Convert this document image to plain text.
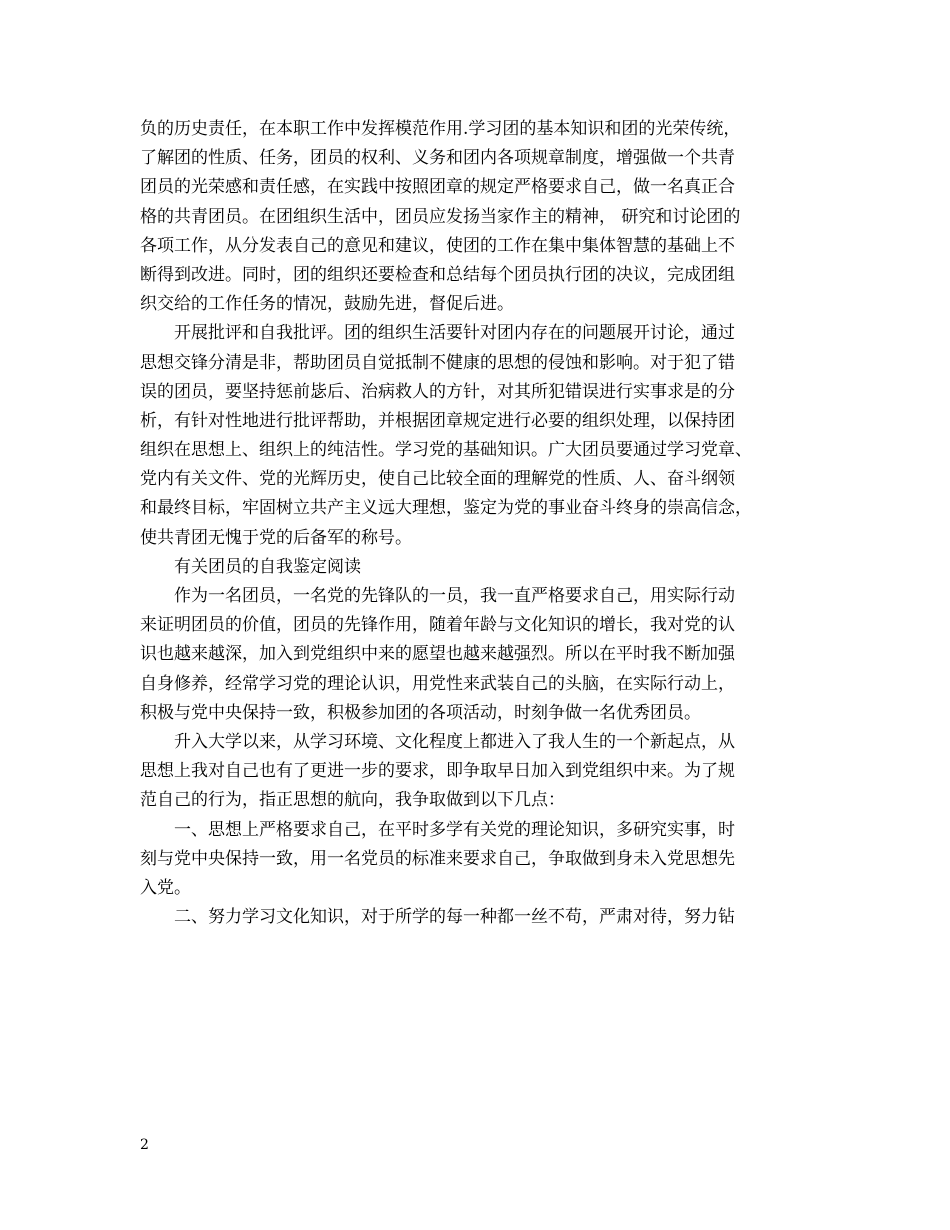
负的历史责任，在本职工作中发挥模范作用.学习团的基本知识和团的光荣传统，
了解团的性质、任务，团员的权利、义务和团内各项规章制度，增强做一个共青
团员的光荣感和责任感，在实践中按照团章的规定严格要求自己，做一名真正合
格的共青团员。在团组织生活中，团员应发扬当家作主的精神， 研究和讨论团的
各项工作，从分发表自己的意见和建议，使团的工作在集中集体智慧的基础上不
断得到改进。同时，团的组织还要检查和总结每个团员执行团的决议，完成团组
织交给的工作任务的情况，鼓励先进，督促后进。
开展批评和自我批评。团的组织生活要针对团内存在的问题展开讨论，通过
思想交锋分清是非，帮助团员自觉抵制不健康的思想的侵蚀和影响。对于犯了错
误的团员，要坚持惩前毖后、治病救人的方针，对其所犯错误进行实事求是的分
析，有针对性地进行批评帮助，并根据团章规定进行必要的组织处理，以保持团
组织在思想上、组织上的纯洁性。学习党的基础知识。广大团员要通过学习党章、
党内有关文件、党的光辉历史，使自己比较全面的理解党的性质、人、奋斗纲领
和最终目标，牢固树立共产主义远大理想，鉴定为党的事业奋斗终身的崇高信念，
使共青团无愧于党的后备军的称号。
有关团员的自我鉴定阅读
作为一名团员，一名党的先锋队的一员，我一直严格要求自己，用实际行动
来证明团员的价值，团员的先锋作用，随着年龄与文化知识的增长，我对党的认
识也越来越深，加入到党组织中来的愿望也越来越强烈。所以在平时我不断加强
自身修养，经常学习党的理论认识，用党性来武装自己的头脑，在实际行动上，
积极与党中央保持一致，积极参加团的各项活动，时刻争做一名优秀团员。
升入大学以来，从学习环境、文化程度上都进入了我人生的一个新起点，从
思想上我对自己也有了更进一步的要求，即争取早日加入到党组织中来。为了规
范自己的行为，指正思想的航向，我争取做到以下几点：
一、思想上严格要求自己，在平时多学有关党的理论知识，多研究实事，时
刻与党中央保持一致，用一名党员的标准来要求自己，争取做到身未入党思想先
入党。
二、努力学习文化知识，对于所学的每一种都一丝不苟，严肃对待，努力钻
2
